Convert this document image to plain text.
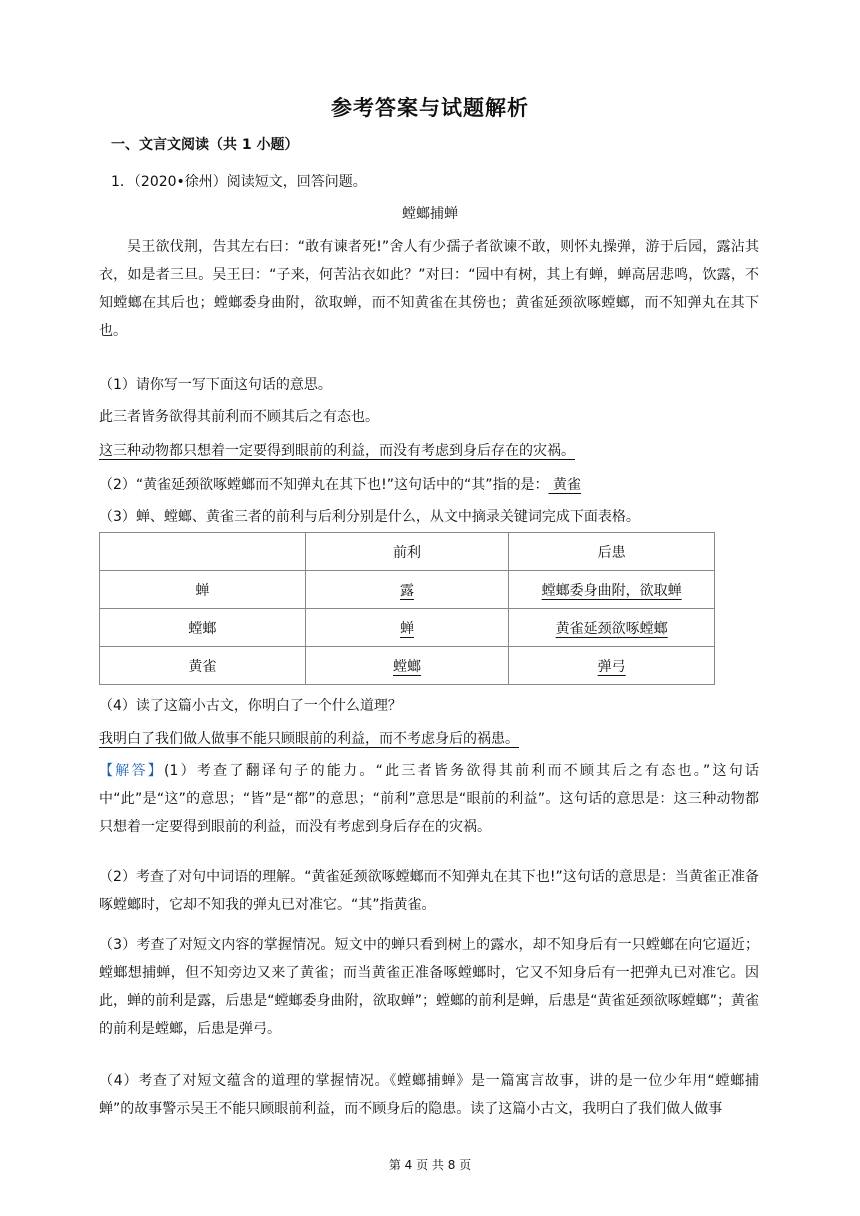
参考答案与试题解析
一、文言文阅读（共 1 小题）
1．（2020•徐州）阅读短文，回答问题。
螳螂捕蝉
吴王欲伐荆，告其左右曰：“敢有谏者死!”舍人有少孺子者欲谏不敢，则怀丸操弹，游于后园，露沾其衣，如是者三旦。吴王曰：“子来，何苦沾衣如此？”对曰：“园中有树，其上有蝉，蝉高居悲鸣，饮露，不知螳螂在其后也；螳螂委身曲附，欲取蝉，而不知黄雀在其傍也；黄雀延颈欲啄螳螂，而不知弹丸在其下也。
（1）请你写一写下面这句话的意思。
此三者皆务欲得其前利而不顾其后之有态也。
这三种动物都只想着一定要得到眼前的利益，而没有考虑到身后存在的灾祸。
（2）“黄雀延颈欲啄螳螂而不知弹丸在其下也!”这句话中的“其”指的是： 黄雀
（3）蝉、螳螂、黄雀三者的前利与后利分别是什么，从文中摘录关键词完成下面表格。
	前利	后患
蝉	露	螳螂委身曲附，欲取蝉
螳螂	蝉	黄雀延颈欲啄螳螂
黄雀	螳螂	弹弓
（4）读了这篇小古文，你明白了一个什么道理？
我明白了我们做人做事不能只顾眼前的利益，而不考虑身后的祸患。
【解答】(1）考查了翻译句子的能力。“此三者皆务欲得其前利而不顾其后之有态也。”这句话中“此”是“这”的意思；“皆”是“都”的意思；“前利”意思是“眼前的利益”。这句话的意思是：这三种动物都只想着一定要得到眼前的利益，而没有考虑到身后存在的灾祸。
（2）考查了对句中词语的理解。“黄雀延颈欲啄螳螂而不知弹丸在其下也!”这句话的意思是：当黄雀正准备啄螳螂时，它却不知我的弹丸已对准它。“其”指黄雀。
（3）考查了对短文内容的掌握情况。短文中的蝉只看到树上的露水，却不知身后有一只螳螂在向它逼近；螳螂想捕蝉，但不知旁边又来了黄雀；而当黄雀正准备啄螳螂时，它又不知身后有一把弹丸已对准它。因此，蝉的前利是露，后患是“螳螂委身曲附，欲取蝉”；螳螂的前利是蝉，后患是“黄雀延颈欲啄螳螂”；黄雀的前利是螳螂，后患是弹弓。
（4）考查了对短文蕴含的道理的掌握情况。《螳螂捕蝉》是一篇寓言故事，讲的是一位少年用“螳螂捕蝉”的故事警示吴王不能只顾眼前利益，而不顾身后的隐患。读了这篇小古文，我明白了我们做人做事
第 4 页 共 8 页
